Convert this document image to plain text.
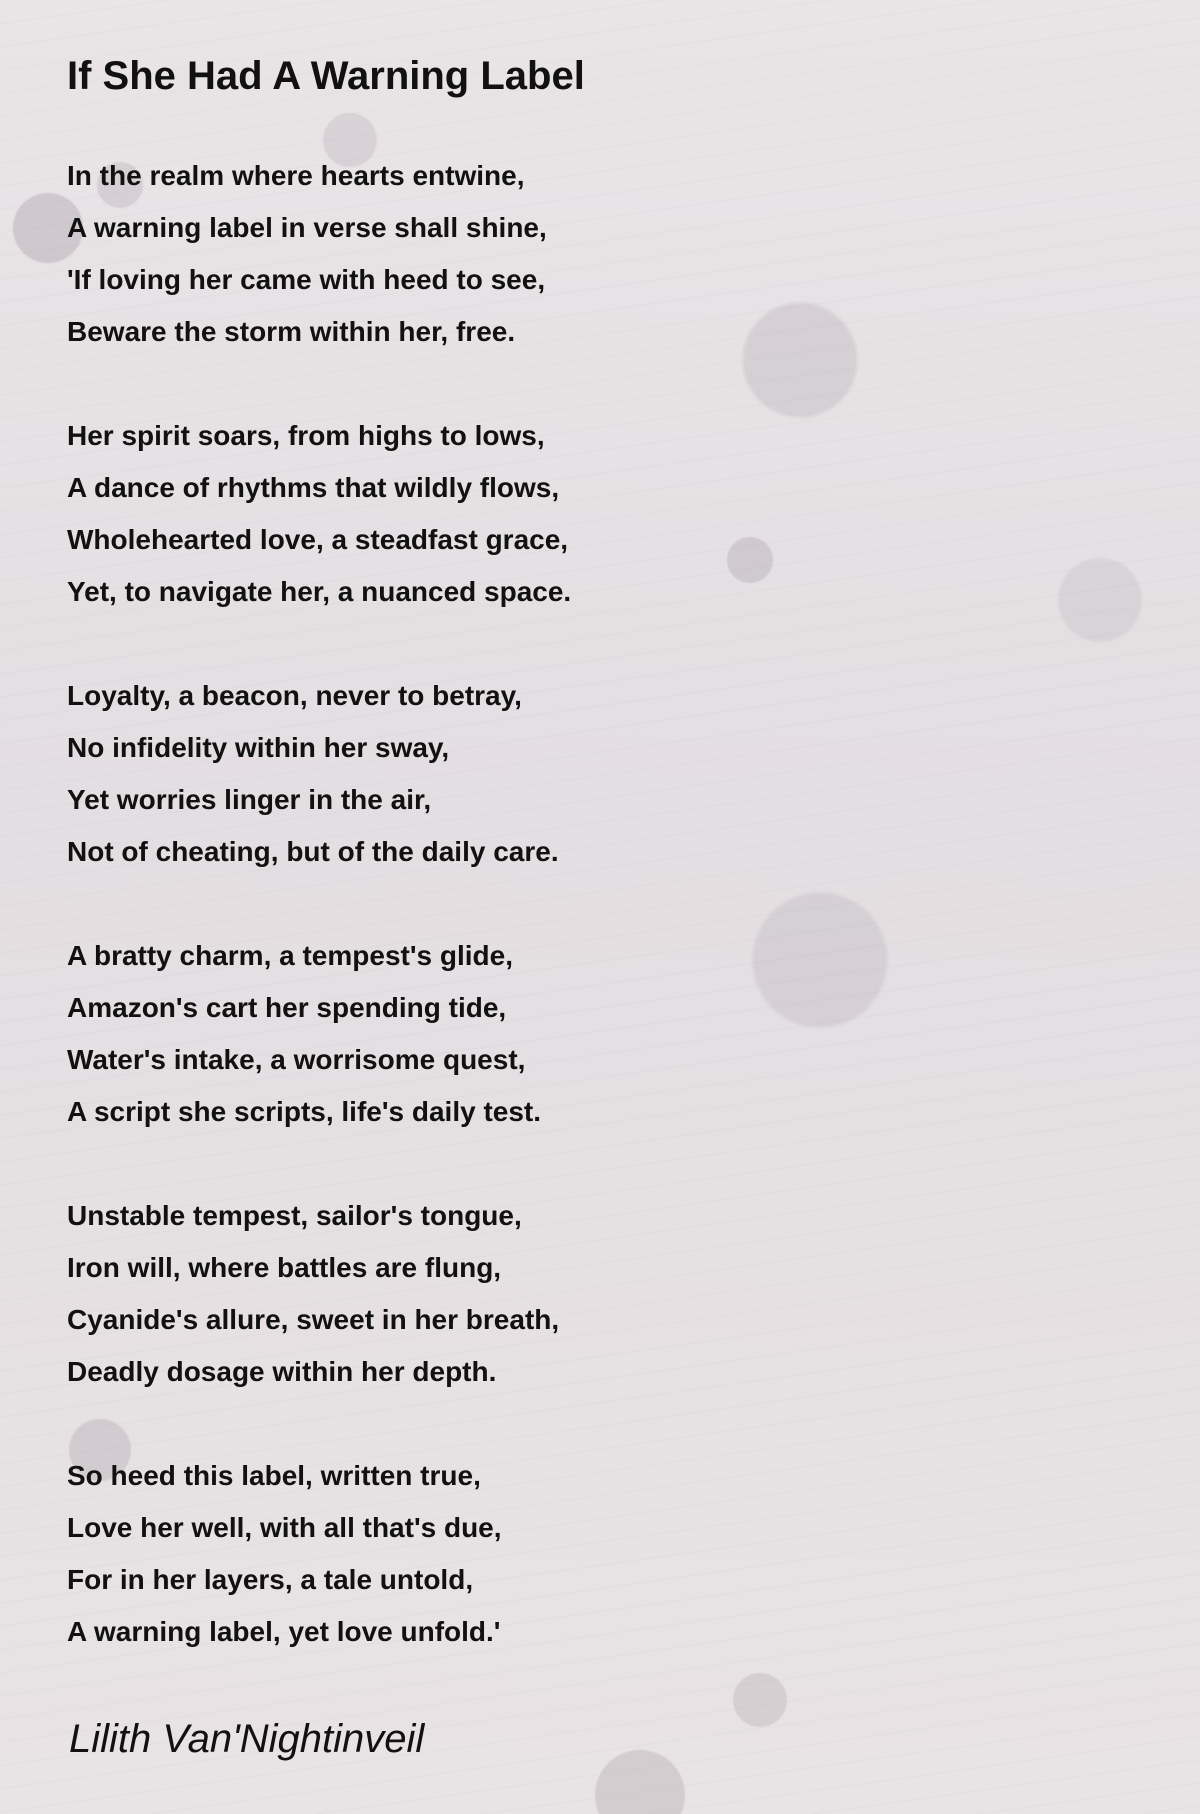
If She Had A Warning Label
In the realm where hearts entwine,
A warning label in verse shall shine,
'If loving her came with heed to see,
Beware the storm within her, free.
Her spirit soars, from highs to lows,
A dance of rhythms that wildly flows,
Wholehearted love, a steadfast grace,
Yet, to navigate her, a nuanced space.
Loyalty, a beacon, never to betray,
No infidelity within her sway,
Yet worries linger in the air,
Not of cheating, but of the daily care.
A bratty charm, a tempest's glide,
Amazon's cart her spending tide,
Water's intake, a worrisome quest,
A script she scripts, life's daily test.
Unstable tempest, sailor's tongue,
Iron will, where battles are flung,
Cyanide's allure, sweet in her breath,
Deadly dosage within her depth.
So heed this label, written true,
Love her well, with all that's due,
For in her layers, a tale untold,
A warning label, yet love unfold.'

Lilith Van'Nightinveil
